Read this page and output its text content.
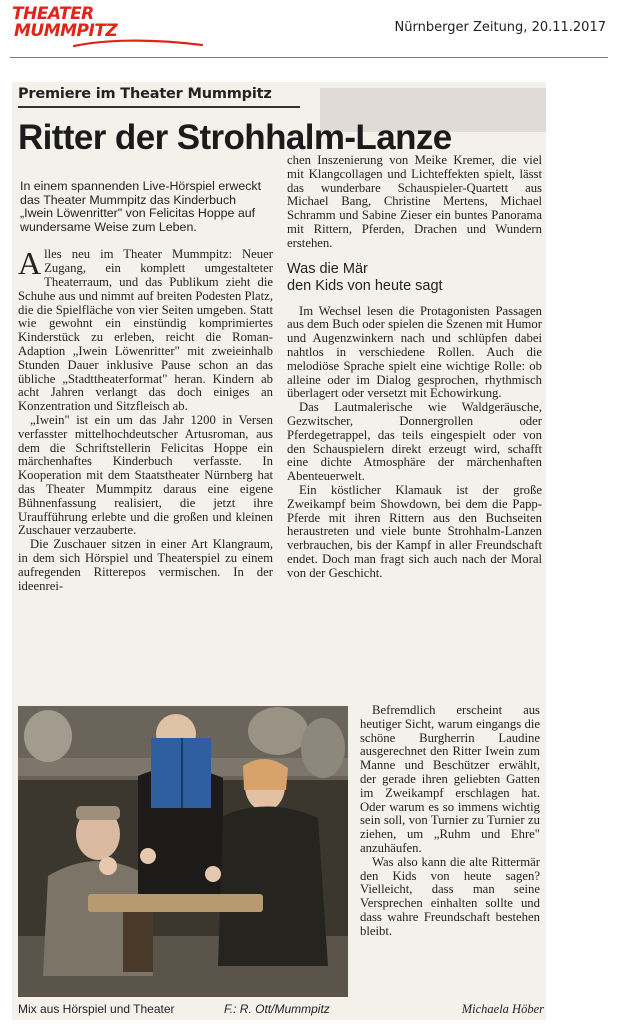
THEATER
MUMMPITZ	Nürnberger Zeitung, 20.11.2017
Premiere im Theater Mummpitz
Ritter der Strohhalm-Lanze
In einem spannenden Live-Hörspiel erweckt das Theater Mummpitz das Kinderbuch „Iwein Löwenritter" von Felicitas Hoppe auf wundersame Weise zum Leben.

Alles neu im Theater Mummpitz: Neuer Zugang, ein komplett umgestalteter Theaterraum, und das Publikum zieht die Schuhe aus und nimmt auf breiten Podesten Platz, die die Spielfläche von vier Seiten umgeben. Statt wie gewohnt ein einstündig komprimiertes Kinderstück zu erleben, reicht die Roman-Adaption „Iwein Löwenritter" mit zweieinhalb Stunden Dauer inklusive Pause schon an das übliche „Stadttheaterformat" heran. Kindern ab acht Jahren verlangt das doch einiges an Konzentration und Sitzfleisch ab.

„Iwein" ist ein um das Jahr 1200 in Versen verfasster mittelhochdeutscher Artusroman, aus dem die Schriftstellerin Felicitas Hoppe ein märchenhaftes Kinderbuch verfasste. In Kooperation mit dem Staatstheater Nürnberg hat das Theater Mummpitz daraus eine eigene Bühnenfassung realisiert, die jetzt ihre Uraufführung erlebte und die großen und kleinen Zuschauer verzauberte.

Die Zuschauer sitzen in einer Art Klangraum, in dem sich Hörspiel und Theaterspiel zu einem aufregenden Ritterepos vermischen. In der ideenrei-

chen Inszenierung von Meike Kremer, die viel mit Klangcollagen und Lichteffekten spielt, lässt das wunderbare Schauspieler-Quartett aus Michael Bang, Christine Mertens, Michael Schramm und Sabine Zieser ein buntes Panorama mit Rittern, Pferden, Drachen und Wundern erstehen.

Was die Mär
den Kids von heute sagt

Im Wechsel lesen die Protagonisten Passagen aus dem Buch oder spielen die Szenen mit Humor und Augenzwinkern nach und schlüpfen dabei nahtlos in verschiedene Rollen. Auch die melodiöse Sprache spielt eine wichtige Rolle: ob alleine oder im Dialog gesprochen, rhythmisch überlagert oder versetzt mit Echowirkung.

Das Lautmalerische wie Waldgeräusche, Gezwitscher, Donnergrollen oder Pferdegetrappel, das teils eingespielt oder von den Schauspielern direkt erzeugt wird, schafft eine dichte Atmosphäre der märchenhaften Abenteuerwelt.

Ein köstlicher Klamauk ist der große Zweikampf beim Showdown, bei dem die Papp-Pferde mit ihren Rittern aus den Buchseiten heraustreten und viele bunte Strohhalm-Lanzen verbrauchen, bis der Kampf in aller Freundschaft endet. Doch man fragt sich auch nach der Moral von der Geschicht.

Befremdlich erscheint aus heutiger Sicht, warum eingangs die schöne Burgherrin Laudine ausgerechnet den Ritter Iwein zum Manne und Beschützer erwählt, der gerade ihren geliebten Gatten im Zweikampf erschlagen hat. Oder warum es so immens wichtig sein soll, von Turnier zu Turnier zu ziehen, um „Ruhm und Ehre" anzuhäufen.

Was also kann die alte Rittermär den Kids von heute sagen? Vielleicht, dass man seine Versprechen einhalten sollte und dass wahre Freundschaft bestehen bleibt.

Mix aus Hörspiel und Theater	F.: R. Ott/Mummpitz	Michaela Höber
